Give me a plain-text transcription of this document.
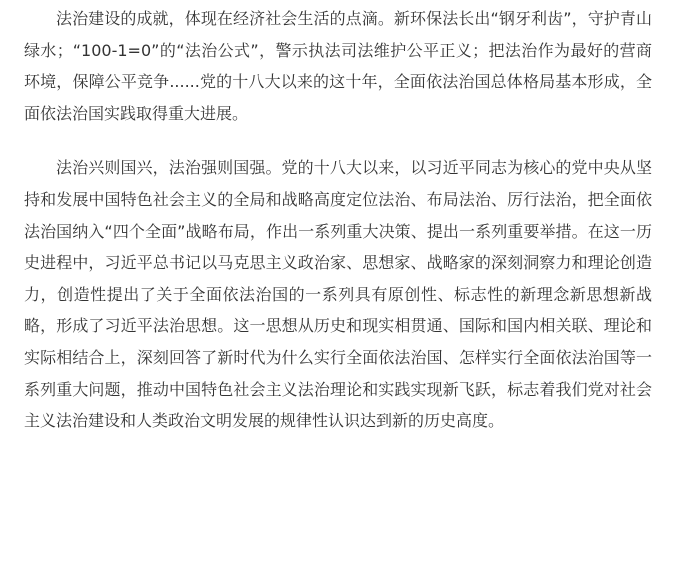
法治建设的成就，体现在经济社会生活的点滴。新环保法长出“钢牙利齿”，守护青山绿水；“100-1=0”的“法治公式”，警示执法司法维护公平正义；把法治作为最好的营商环境，保障公平竞争......党的十八大以来的这十年，全面依法治国总体格局基本形成，全面依法治国实践取得重大进展。

法治兴则国兴，法治强则国强。党的十八大以来，以习近平同志为核心的党中央从坚持和发展中国特色社会主义的全局和战略高度定位法治、布局法治、厉行法治，把全面依法治国纳入“四个全面”战略布局，作出一系列重大决策、提出一系列重要举措。在这一历史进程中，习近平总书记以马克思主义政治家、思想家、战略家的深刻洞察力和理论创造力，创造性提出了关于全面依法治国的一系列具有原创性、标志性的新理念新思想新战略，形成了习近平法治思想。这一思想从历史和现实相贯通、国际和国内相关联、理论和实际相结合上，深刻回答了新时代为什么实行全面依法治国、怎样实行全面依法治国等一系列重大问题，推动中国特色社会主义法治理论和实践实现新飞跃，标志着我们党对社会主义法治建设和人类政治文明发展的规律性认识达到新的历史高度。
